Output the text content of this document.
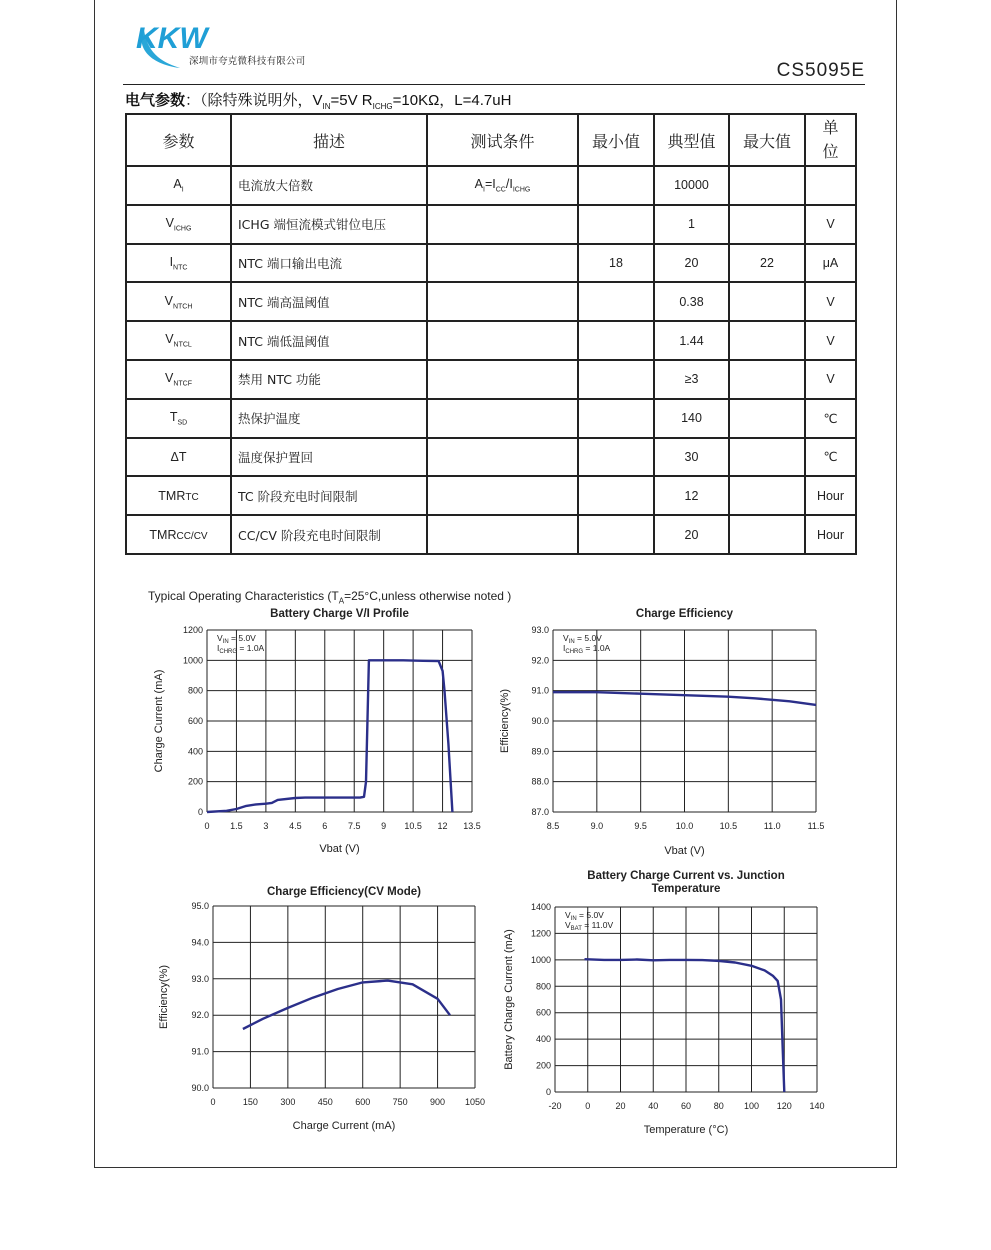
KKW
深圳市夸克微科技有限公司	CS5095E
电气参数：（除特殊说明外，$V_{IN}=5V$ $R_{ICHG}=10K\Omega$，L=4.7uH
参数	描述	测试条件	最小值	典型值	最大值	单位
$A_I$	电流放大倍数	$A_I=I_{CC}/I_{ICHG}$		10000		
$V_{ICHG}$	ICHG 端恒流模式钳位电压			1		V
$I_{NTC}$	NTC 端口输出电流		18	20	22	μA
$V_{NTCH}$	NTC 端高温阈值			0.38		V
$V_{NTCL}$	NTC 端低温阈值			1.44		V
$V_{NTCF}$	禁用 NTC 功能			≥3		V
$T_{SD}$	热保护温度			140		℃
ΔT	温度保护置回			30		℃
TMRTC	TC 阶段充电时间限制			12		Hour
TMRCC/CV	CC/CV 阶段充电时间限制			20		Hour
Typical Operating Characteristics ($T_A=25^\circ C,unless$ otherwise noted )
Battery Charge V/I Profile
0 1.5 3 4.5 6 7.5 9 10.5 12 13.5
0
200
400
600
800
1000
1200
Vbat (V)
Charge Current (mA)
$V_{IN} = 5.0V$
$I_{CHRG} = 1.0A$
Charge Efficiency
8.5	9.0	9.5	10.0	10.5	11.0	11.5
87.0
88.0
89.0
90.0
91.0
92.0
93.0
Vbat (V)
Efficiency(%)
$V_{IN} = 5.0V$
$I_{CHRG} = 1.0A$
Charge Efficiency(CV Mode)
0	150 300 450 600 750 900 1050
90.0
91.0
92.0
93.0
94.0
95.0
Charge Current (mA)
Efficiency(%)
Battery Charge Current vs. Junction
Temperature
-20	0	20	40	60	80 100 120 140
0
200
400
600
800
1000
1200
1400
Temperature (°C)
Battery Charge Current (mA)
$V_{IN} = 5.0V$
$V_{BAT} = 11.0V$
